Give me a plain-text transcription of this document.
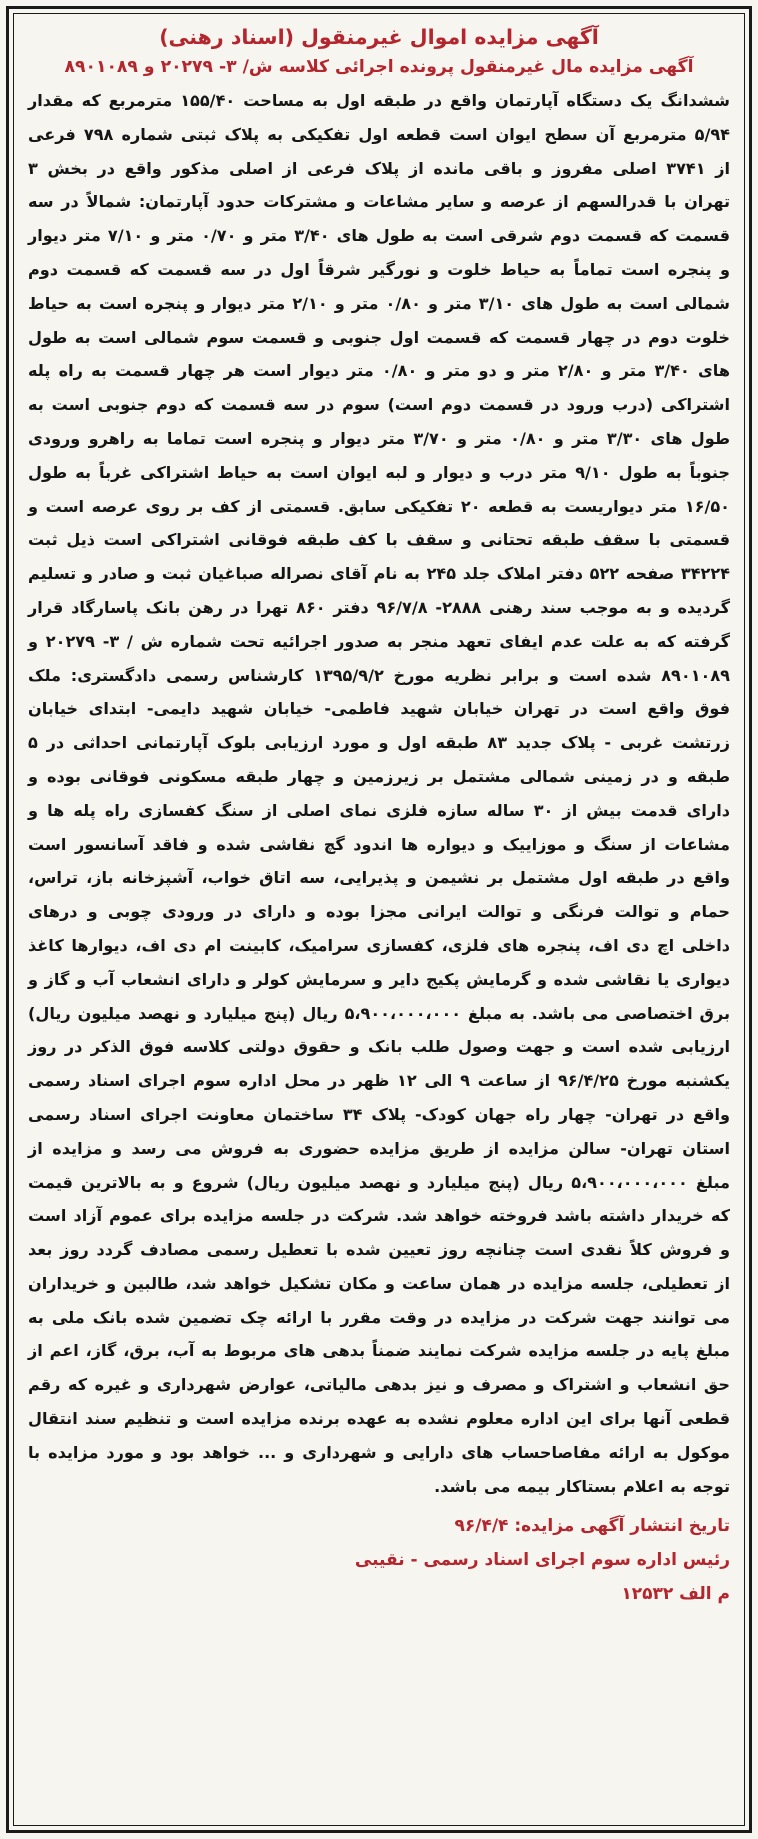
آگهی مزایده اموال غیرمنقول (اسناد رهنی)

آگهی مزایده مال غیرمنقول پرونده اجرائی کلاسه ش/ ۳- ۲۰۲۷۹ و ۸۹۰۱۰۸۹

ششدانگ یک دستگاه آپارتمان واقع در طبقه اول به مساحت ۱۵۵/۴۰ مترمربع که مقدار ۵/۹۴ مترمربع آن سطح ایوان است قطعه اول تفکیکی به پلاک ثبتی شماره ۷۹۸ فرعی از ۳۷۴۱ اصلی مفروز و باقی مانده از پلاک فرعی از اصلی مذکور واقع در بخش ۳ تهران با قدرالسهم از عرصه و سایر مشاعات و مشترکات حدود آپارتمان: شمالاً در سه قسمت که قسمت دوم شرقی است به طول های ۳/۴۰ متر و ۰/۷۰ متر و ۷/۱۰ متر دیوار و پنجره است تماماً به حیاط خلوت و نورگیر شرقاً اول در سه قسمت که قسمت دوم شمالی است به طول های ۳/۱۰ متر و ۰/۸۰ متر و ۲/۱۰ متر دیوار و پنجره است به حیاط خلوت دوم در چهار قسمت که قسمت اول جنوبی و قسمت سوم شمالی است به طول های ۳/۴۰ متر و ۲/۸۰ متر و دو متر و ۰/۸۰ متر دیوار است هر چهار قسمت به راه پله اشتراکی (درب ورود در قسمت دوم است) سوم در سه قسمت که دوم جنوبی است به طول های ۳/۳۰ متر و ۰/۸۰ متر و ۳/۷۰ متر دیوار و پنجره است تماما به راهرو ورودی جنوباً به طول ۹/۱۰ متر درب و دیوار و لبه ایوان است به حیاط اشتراکی غرباً به طول ۱۶/۵۰ متر دیواریست به قطعه ۲۰ تفکیکی سابق. قسمتی از کف بر روی عرصه است و قسمتی با سقف طبقه تحتانی و سقف با کف طبقه فوقانی اشتراکی است ذیل ثبت ۳۴۲۲۴ صفحه ۵۲۲ دفتر املاک جلد ۲۴۵ به نام آقای نصراله صباغیان ثبت و صادر و تسلیم گردیده و به موجب سند رهنی ۲۸۸۸- ۹۶/۷/۸ دفتر ۸۶۰ تهرا در رهن بانک پاسارگاد قرار گرفته که به علت عدم ایفای تعهد منجر به صدور اجرائیه تحت شماره ش / ۳- ۲۰۲۷۹ و ۸۹۰۱۰۸۹ شده است و برابر نظریه مورخ ۱۳۹۵/۹/۲ کارشناس رسمی دادگستری: ملک فوق واقع است در تهران خیابان شهید فاطمی- خیابان شهید دایمی- ابتدای خیابان زرتشت غربی - پلاک جدید ۸۳ طبقه اول و مورد ارزیابی بلوک آپارتمانی احداثی در ۵ طبقه و در زمینی شمالی مشتمل بر زیرزمین و چهار طبقه مسکونی فوقانی بوده و دارای قدمت بیش از ۳۰ ساله سازه فلزی نمای اصلی از سنگ کفسازی راه پله ها و مشاعات از سنگ و موزاییک و دیواره ها اندود گچ نقاشی شده و فاقد آسانسور است واقع در طبقه اول مشتمل بر نشیمن و پذیرایی، سه اتاق خواب، آشپزخانه باز، تراس، حمام و توالت فرنگی و توالت ایرانی مجزا بوده و دارای در ورودی چوبی و درهای داخلی اچ دی اف، پنجره های فلزی، کفسازی سرامیک، کابینت ام دی اف، دیوارها کاغذ دیواری یا نقاشی شده و گرمایش پکیج دایر و سرمایش کولر و دارای انشعاب آب و گاز و برق اختصاصی می باشد. به مبلغ ۵،۹۰۰،۰۰۰،۰۰۰ ریال (پنج میلیارد و نهصد میلیون ریال) ارزیابی شده است و جهت وصول طلب بانک و حقوق دولتی کلاسه فوق الذکر در روز یکشنبه مورخ ۹۶/۴/۲۵ از ساعت ۹ الی ۱۲ ظهر در محل اداره سوم اجرای اسناد رسمی واقع در تهران- چهار راه جهان کودک- پلاک ۳۴ ساختمان معاونت اجرای اسناد رسمی استان تهران- سالن مزایده از طریق مزایده حضوری به فروش می رسد و مزایده از مبلغ ۵،۹۰۰،۰۰۰،۰۰۰ ریال (پنج میلیارد و نهصد میلیون ریال) شروع و به بالاترین قیمت که خریدار داشته باشد فروخته خواهد شد. شرکت در جلسه مزایده برای عموم آزاد است و فروش کلاً نقدی است چنانچه روز تعیین شده با تعطیل رسمی مصادف گردد روز بعد از تعطیلی، جلسه مزایده در همان ساعت و مکان تشکیل خواهد شد، طالبین و خریداران می توانند جهت شرکت در مزایده در وقت مقرر با ارائه چک تضمین شده بانک ملی به مبلغ پایه در جلسه مزایده شرکت نمایند ضمناً بدهی های مربوط به آب، برق، گاز، اعم از حق انشعاب و اشتراک و مصرف و نیز بدهی مالیاتی، عوارض شهرداری و غیره که رقم قطعی آنها برای این اداره معلوم نشده به عهده برنده مزایده است و تنظیم سند انتقال موکول به ارائه مفاصاحساب های دارایی و شهرداری و ... خواهد بود و مورد مزایده با توجه به اعلام بستاکار بیمه می باشد.

تاریخ انتشار آگهی مزایده: ۹۶/۴/۴

رئیس اداره سوم اجرای اسناد رسمی - نقیبی

م الف ۱۲۵۳۲
